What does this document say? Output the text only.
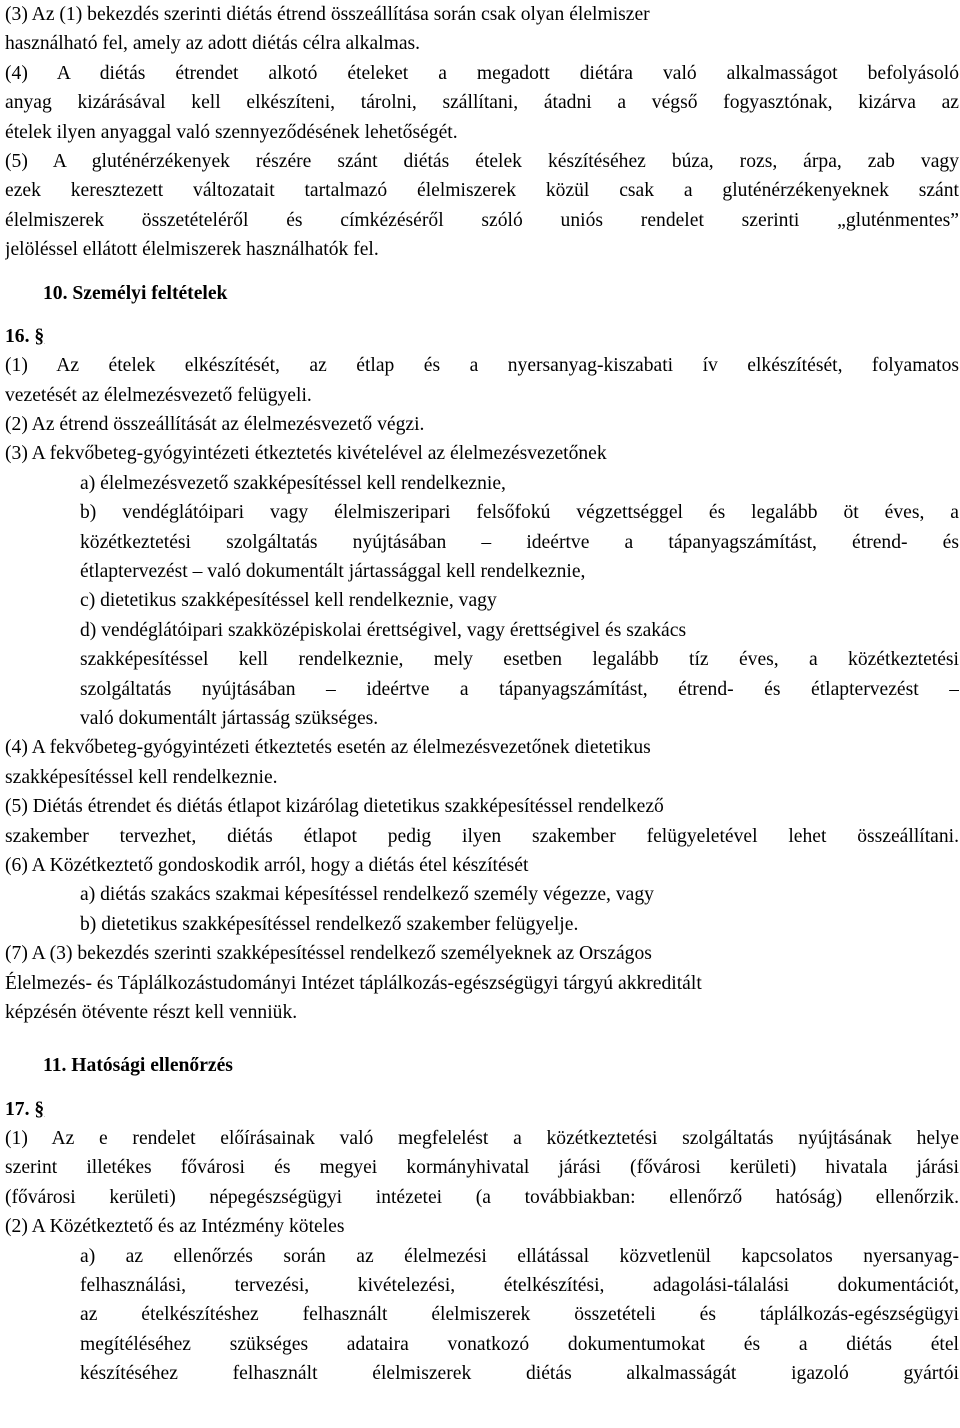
(3) Az (1) bekezdés szerinti diétás étrend összeállítása során csak olyan élelmiszer
használható fel, amely az adott diétás célra alkalmas.
(4) A diétás étrendet alkotó ételeket a megadott diétára való alkalmasságot befolyásoló
anyag kizárásával kell elkészíteni, tárolni, szállítani, átadni a végső fogyasztónak, kizárva az
ételek ilyen anyaggal való szennyeződésének lehetőségét.
(5) A gluténérzékenyek részére szánt diétás ételek készítéséhez búza, rozs, árpa, zab vagy
ezek keresztezett változatait tartalmazó élelmiszerek közül csak a gluténérzékenyeknek szánt
élelmiszerek összetételéről és címkézéséről szóló uniós rendelet szerinti „gluténmentes”
jelöléssel ellátott élelmiszerek használhatók fel.
10. Személyi feltételek
16. §
(1) Az ételek elkészítését, az étlap és a nyersanyag-kiszabati ív elkészítését, folyamatos
vezetését az élelmezésvezető felügyeli.
(2) Az étrend összeállítását az élelmezésvezető végzi.
(3) A fekvőbeteg-gyógyintézeti étkeztetés kivételével az élelmezésvezetőnek
a) élelmezésvezető szakképesítéssel kell rendelkeznie,
b) vendéglátóipari vagy élelmiszeripari felsőfokú végzettséggel és legalább öt éves, a
közétkeztetési szolgáltatás nyújtásában – ideértve a tápanyagszámítást, étrend- és
étlaptervezést – való dokumentált jártassággal kell rendelkeznie,
c) dietetikus szakképesítéssel kell rendelkeznie, vagy
d) vendéglátóipari szakközépiskolai érettségivel, vagy érettségivel és szakács
szakképesítéssel kell rendelkeznie, mely esetben legalább tíz éves, a közétkeztetési
szolgáltatás nyújtásában – ideértve a tápanyagszámítást, étrend- és étlaptervezést –
való dokumentált jártasság szükséges.
(4) A fekvőbeteg-gyógyintézeti étkeztetés esetén az élelmezésvezetőnek dietetikus
szakképesítéssel kell rendelkeznie.
(5) Diétás étrendet és diétás étlapot kizárólag dietetikus szakképesítéssel rendelkező
szakember tervezhet, diétás étlapot pedig ilyen szakember felügyeletével lehet összeállítani.
(6) A Közétkeztető gondoskodik arról, hogy a diétás étel készítését
a) diétás szakács szakmai képesítéssel rendelkező személy végezze, vagy
b) dietetikus szakképesítéssel rendelkező szakember felügyelje.
(7) A (3) bekezdés szerinti szakképesítéssel rendelkező személyeknek az Országos
Élelmezés- és Táplálkozástudományi Intézet táplálkozás-egészségügyi tárgyú akkreditált
képzésén ötévente részt kell venniük.
11. Hatósági ellenőrzés
17. §
(1) Az e rendelet előírásainak való megfelelést a közétkeztetési szolgáltatás nyújtásának helye
szerint illetékes fővárosi és megyei kormányhivatal járási (fővárosi kerületi) hivatala járási
(fővárosi kerületi) népegészségügyi intézetei (a továbbiakban: ellenőrző hatóság) ellenőrzik.
(2) A Közétkeztető és az Intézmény köteles
a) az ellenőrzés során az élelmezési ellátással közvetlenül kapcsolatos nyersanyag-
felhasználási, tervezési, kivételezési, ételkészítési, adagolási-tálalási dokumentációt,
az ételkészítéshez felhasznált élelmiszerek összetételi és táplálkozás-egészségügyi
megítéléséhez szükséges adataira vonatkozó dokumentumokat és a diétás étel
készítéséhez felhasznált élelmiszerek diétás alkalmasságát igazoló gyártói
